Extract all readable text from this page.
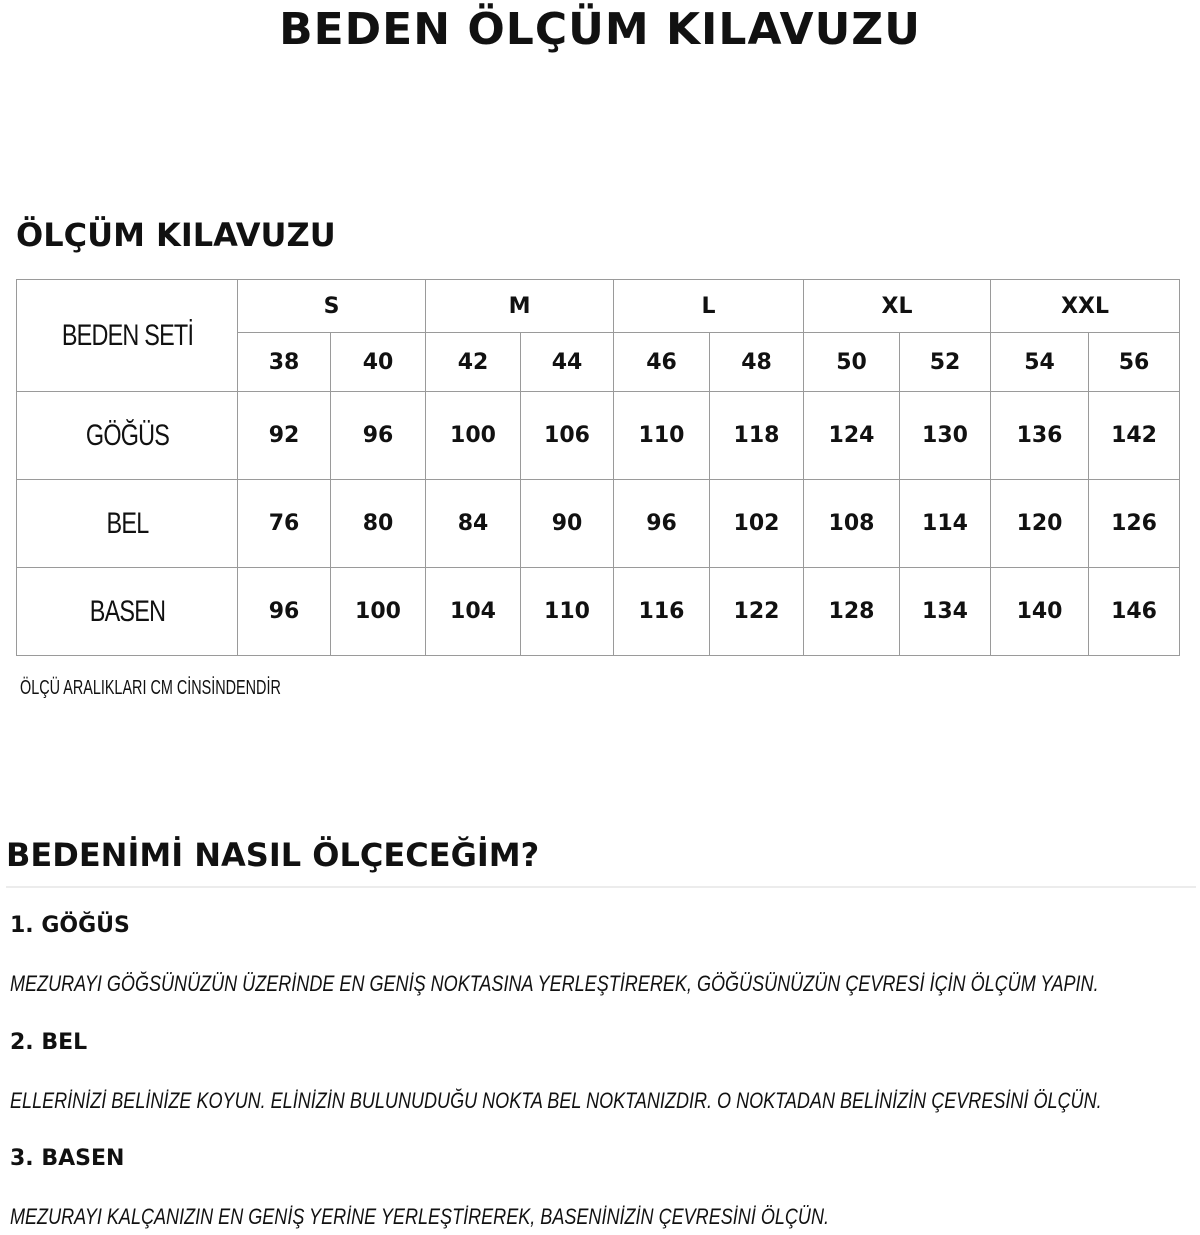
BEDEN ÖLÇÜM KILAVUZU
ÖLÇÜM KILAVUZU
BEDEN SETİ	S		M		L		XL		XXL	
	38	40	42	44	46	48	50	52	54	56
GÖĞÜS	92	96	100	106	110	118	124	130	136	142
BEL	76	80	84	90	96	102	108	114	120	126
BASEN	96	100	104	110	116	122	128	134	140	146

ÖLÇÜ ARALIKLARI CM CİNSİNDENDİR

BEDENİMİ NASIL ÖLÇECEĞİM?
1. GÖĞÜS

MEZURAYI GÖĞSÜNÜZÜN ÜZERİNDE EN GENİŞ NOKTASINA YERLEŞTİREREK, GÖĞÜSÜNÜZÜN ÇEVRESİ İÇİN ÖLÇÜM YAPIN.

2. BEL

ELLERİNİZİ BELİNİZE KOYUN. ELİNİZİN BULUNUDUĞU NOKTA BEL NOKTANIZDIR. O NOKTADAN BELİNİZİN ÇEVRESİNİ ÖLÇÜN.

3. BASEN

MEZURAYI KALÇANIZIN EN GENİŞ YERİNE YERLEŞTİREREK, BASENİNİZİN ÇEVRESİNİ ÖLÇÜN.
